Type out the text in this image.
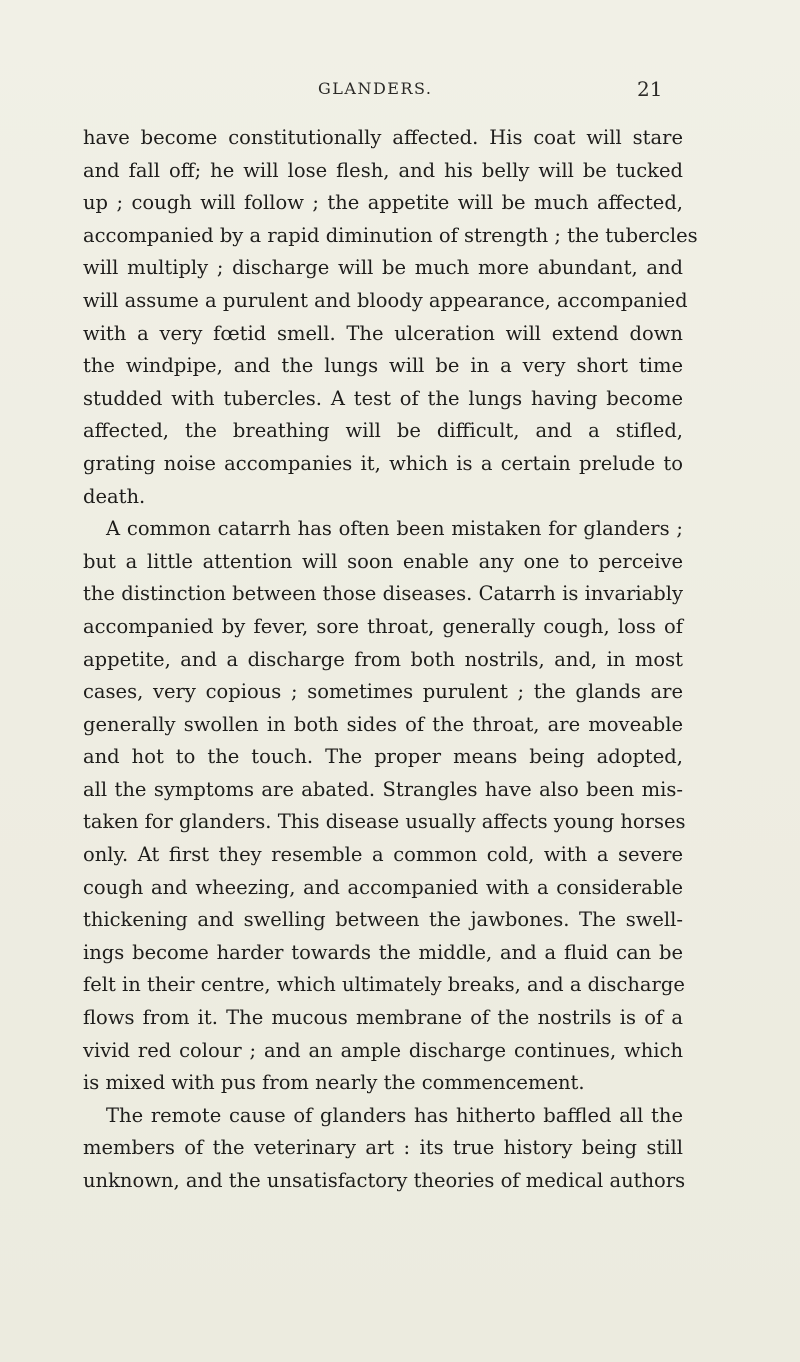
GLANDERS.	21
have become constitutionally affected. His coat will stare
and fall off; he will lose flesh, and his belly will be tucked
up ; cough will follow ; the appetite will be much affected,
accompanied by a rapid diminution of strength ; the tubercles
will multiply ; discharge will be much more abundant, and
will assume a purulent and bloody appearance, accompanied
with a very fœtid smell. The ulceration will extend down
the windpipe, and the lungs will be in a very short time
studded with tubercles. A test of the lungs having become
affected, the breathing will be difficult, and a stifled,
grating noise accompanies it, which is a certain prelude to
death.
A common catarrh has often been mistaken for glanders ;
but a little attention will soon enable any one to perceive
the distinction between those diseases. Catarrh is invariably
accompanied by fever, sore throat, generally cough, loss of
appetite, and a discharge from both nostrils, and, in most
cases, very copious ; sometimes purulent ; the glands are
generally swollen in both sides of the throat, are moveable
and hot to the touch. The proper means being adopted,
all the symptoms are abated. Strangles have also been mis-
taken for glanders. This disease usually affects young horses
only. At first they resemble a common cold, with a severe
cough and wheezing, and accompanied with a considerable
thickening and swelling between the jawbones. The swell-
ings become harder towards the middle, and a fluid can be
felt in their centre, which ultimately breaks, and a discharge
flows from it. The mucous membrane of the nostrils is of a
vivid red colour ; and an ample discharge continues, which
is mixed with pus from nearly the commencement.
The remote cause of glanders has hitherto baffled all the
members of the veterinary art : its true history being still
unknown, and the unsatisfactory theories of medical authors
